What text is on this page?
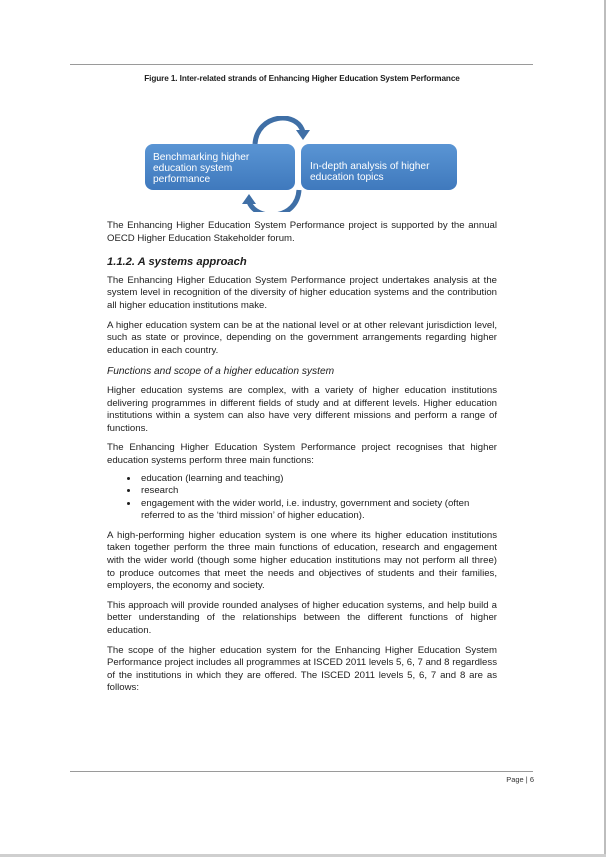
Figure 1. Inter-related strands of Enhancing Higher Education System Performance

Benchmarking higher education system performance
In-depth analysis of higher education topics

The Enhancing Higher Education System Performance project is supported by the annual OECD Higher Education Stakeholder forum.

1.1.2. A systems approach

The Enhancing Higher Education System Performance project undertakes analysis at the system level in recognition of the diversity of higher education systems and the contribution all higher education institutions make.

A higher education system can be at the national level or at other relevant jurisdiction level, such as state or province, depending on the government arrangements regarding higher education in each country.

Functions and scope of a higher education system

Higher education systems are complex, with a variety of higher education institutions delivering programmes in different fields of study and at different levels. Higher education institutions within a system can also have very different missions and perform a range of functions.

The Enhancing Higher Education System Performance project recognises that higher education systems perform three main functions:

• education (learning and teaching)
• research
• engagement with the wider world, i.e. industry, government and society (often referred to as the ‘third mission’ of higher education).

A high-performing higher education system is one where its higher education institutions taken together perform the three main functions of education, research and engagement with the wider world (though some higher education institutions may not perform all three) to produce outcomes that meet the needs and objectives of students and their families, employers, the economy and society.

This approach will provide rounded analyses of higher education systems, and help build a better understanding of the relationships between the different functions of higher education.

The scope of the higher education system for the Enhancing Higher Education System Performance project includes all programmes at ISCED 2011 levels 5, 6, 7 and 8 regardless of the institutions in which they are offered. The ISCED 2011 levels 5, 6, 7 and 8 are as follows:

Page | 6
